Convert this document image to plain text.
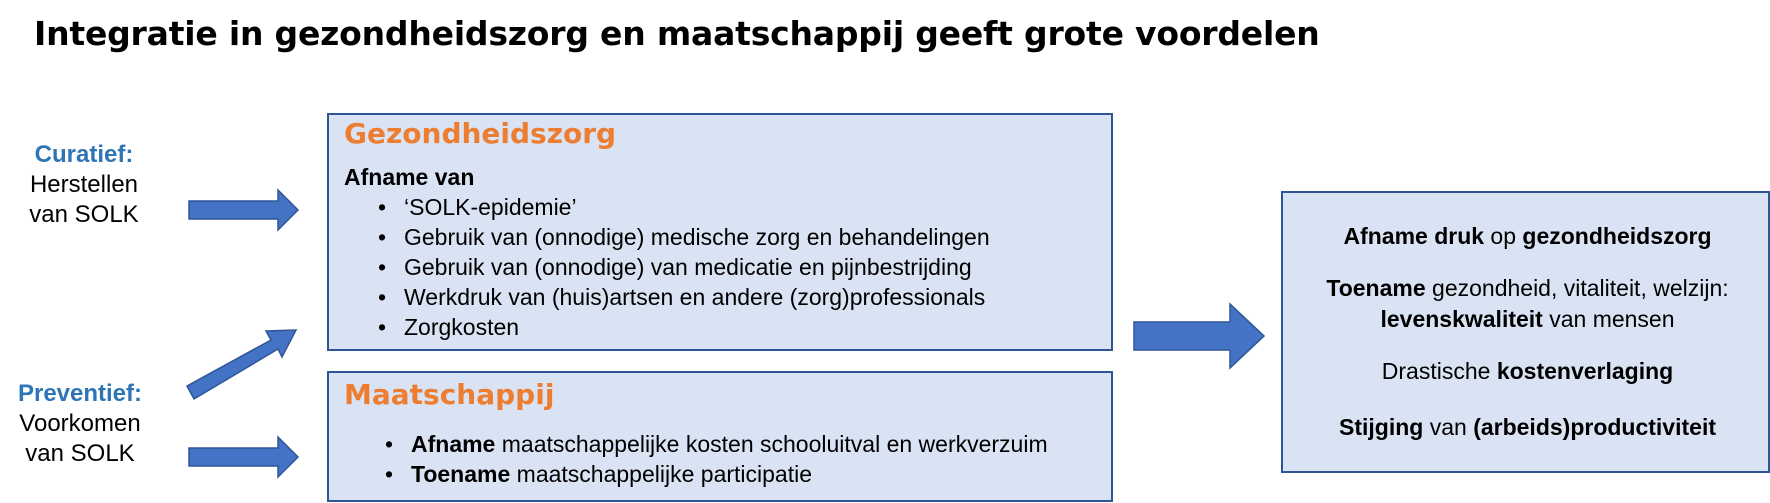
Integratie in gezondheidszorg en maatschappij geeft grote voordelen
Curatief:
Herstellen
van SOLK
Preventief:
Voorkomen
van SOLK
Gezondheidszorg
Afname van
• ‘SOLK-epidemie’
• Gebruik van (onnodige) medische zorg en behandelingen
• Gebruik van (onnodige) van medicatie en pijnbestrijding
• Werkdruk van (huis)artsen en andere (zorg)professionals
• Zorgkosten
Maatschappij
• Afname maatschappelijke kosten schooluitval en werkverzuim
• Toename maatschappelijke participatie
Afname druk op gezondheidszorg
Toename gezondheid, vitaliteit, welzijn:
levenskwaliteit van mensen
Drastische kostenverlaging
Stijging van (arbeids)productiviteit
